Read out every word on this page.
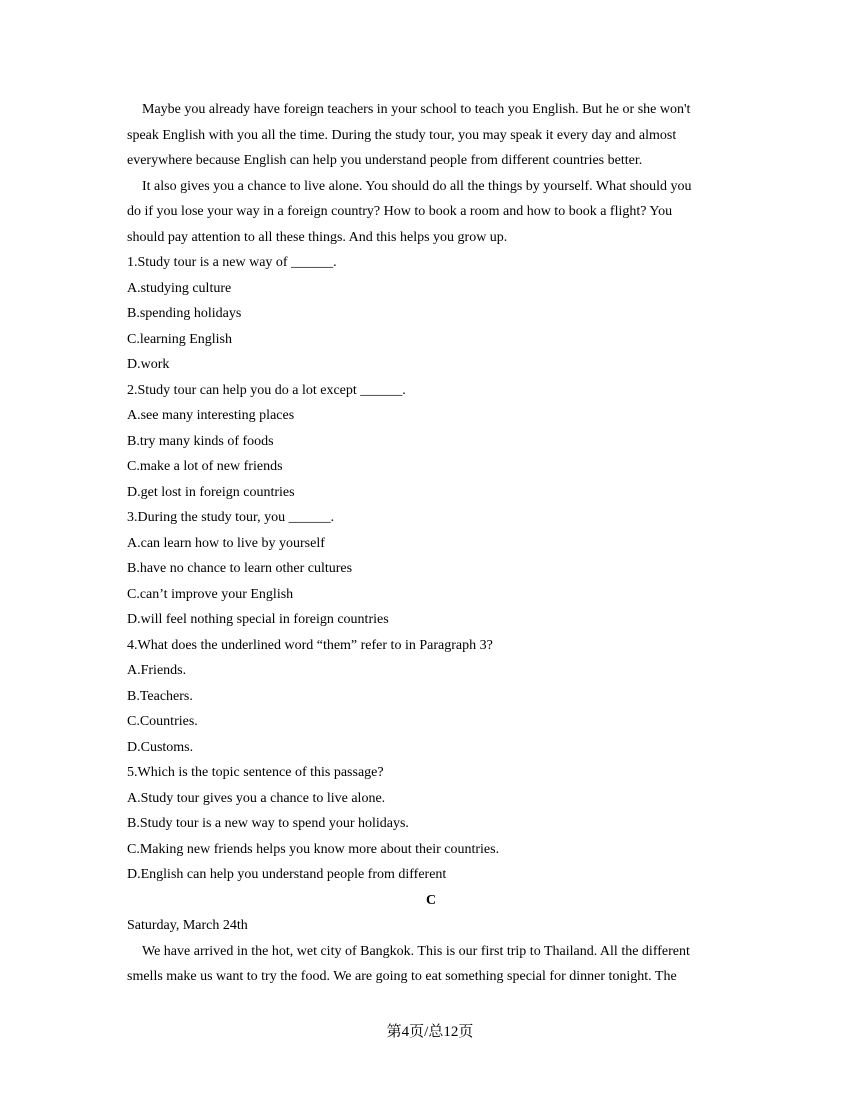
Maybe you already have foreign teachers in your school to teach you English. But he or she won't
speak English with you all the time. During the study tour, you may speak it every day and almost
everywhere because English can help you understand people from different countries better.
It also gives you a chance to live alone. You should do all the things by yourself. What should you
do if you lose your way in a foreign country? How to book a room and how to book a flight? You
should pay attention to all these things. And this helps you grow up.
1.Study tour is a new way of ______.
A.studying culture
B.spending holidays
C.learning English
D.work
2.Study tour can help you do a lot except ______.
A.see many interesting places
B.try many kinds of foods
C.make a lot of new friends
D.get lost in foreign countries
3.During the study tour, you ______.
A.can learn how to live by yourself
B.have no chance to learn other cultures
C.can’t improve your English
D.will feel nothing special in foreign countries
4.What does the underlined word “them” refer to in Paragraph 3?
A.Friends.
B.Teachers.
C.Countries.
D.Customs.
5.Which is the topic sentence of this passage?
A.Study tour gives you a chance to live alone.
B.Study tour is a new way to spend your holidays.
C.Making new friends helps you know more about their countries.
D.English can help you understand people from different
C
Saturday, March 24th
We have arrived in the hot, wet city of Bangkok. This is our first trip to Thailand. All the different
smells make us want to try the food. We are going to eat something special for dinner tonight. The
第4页/总12页
